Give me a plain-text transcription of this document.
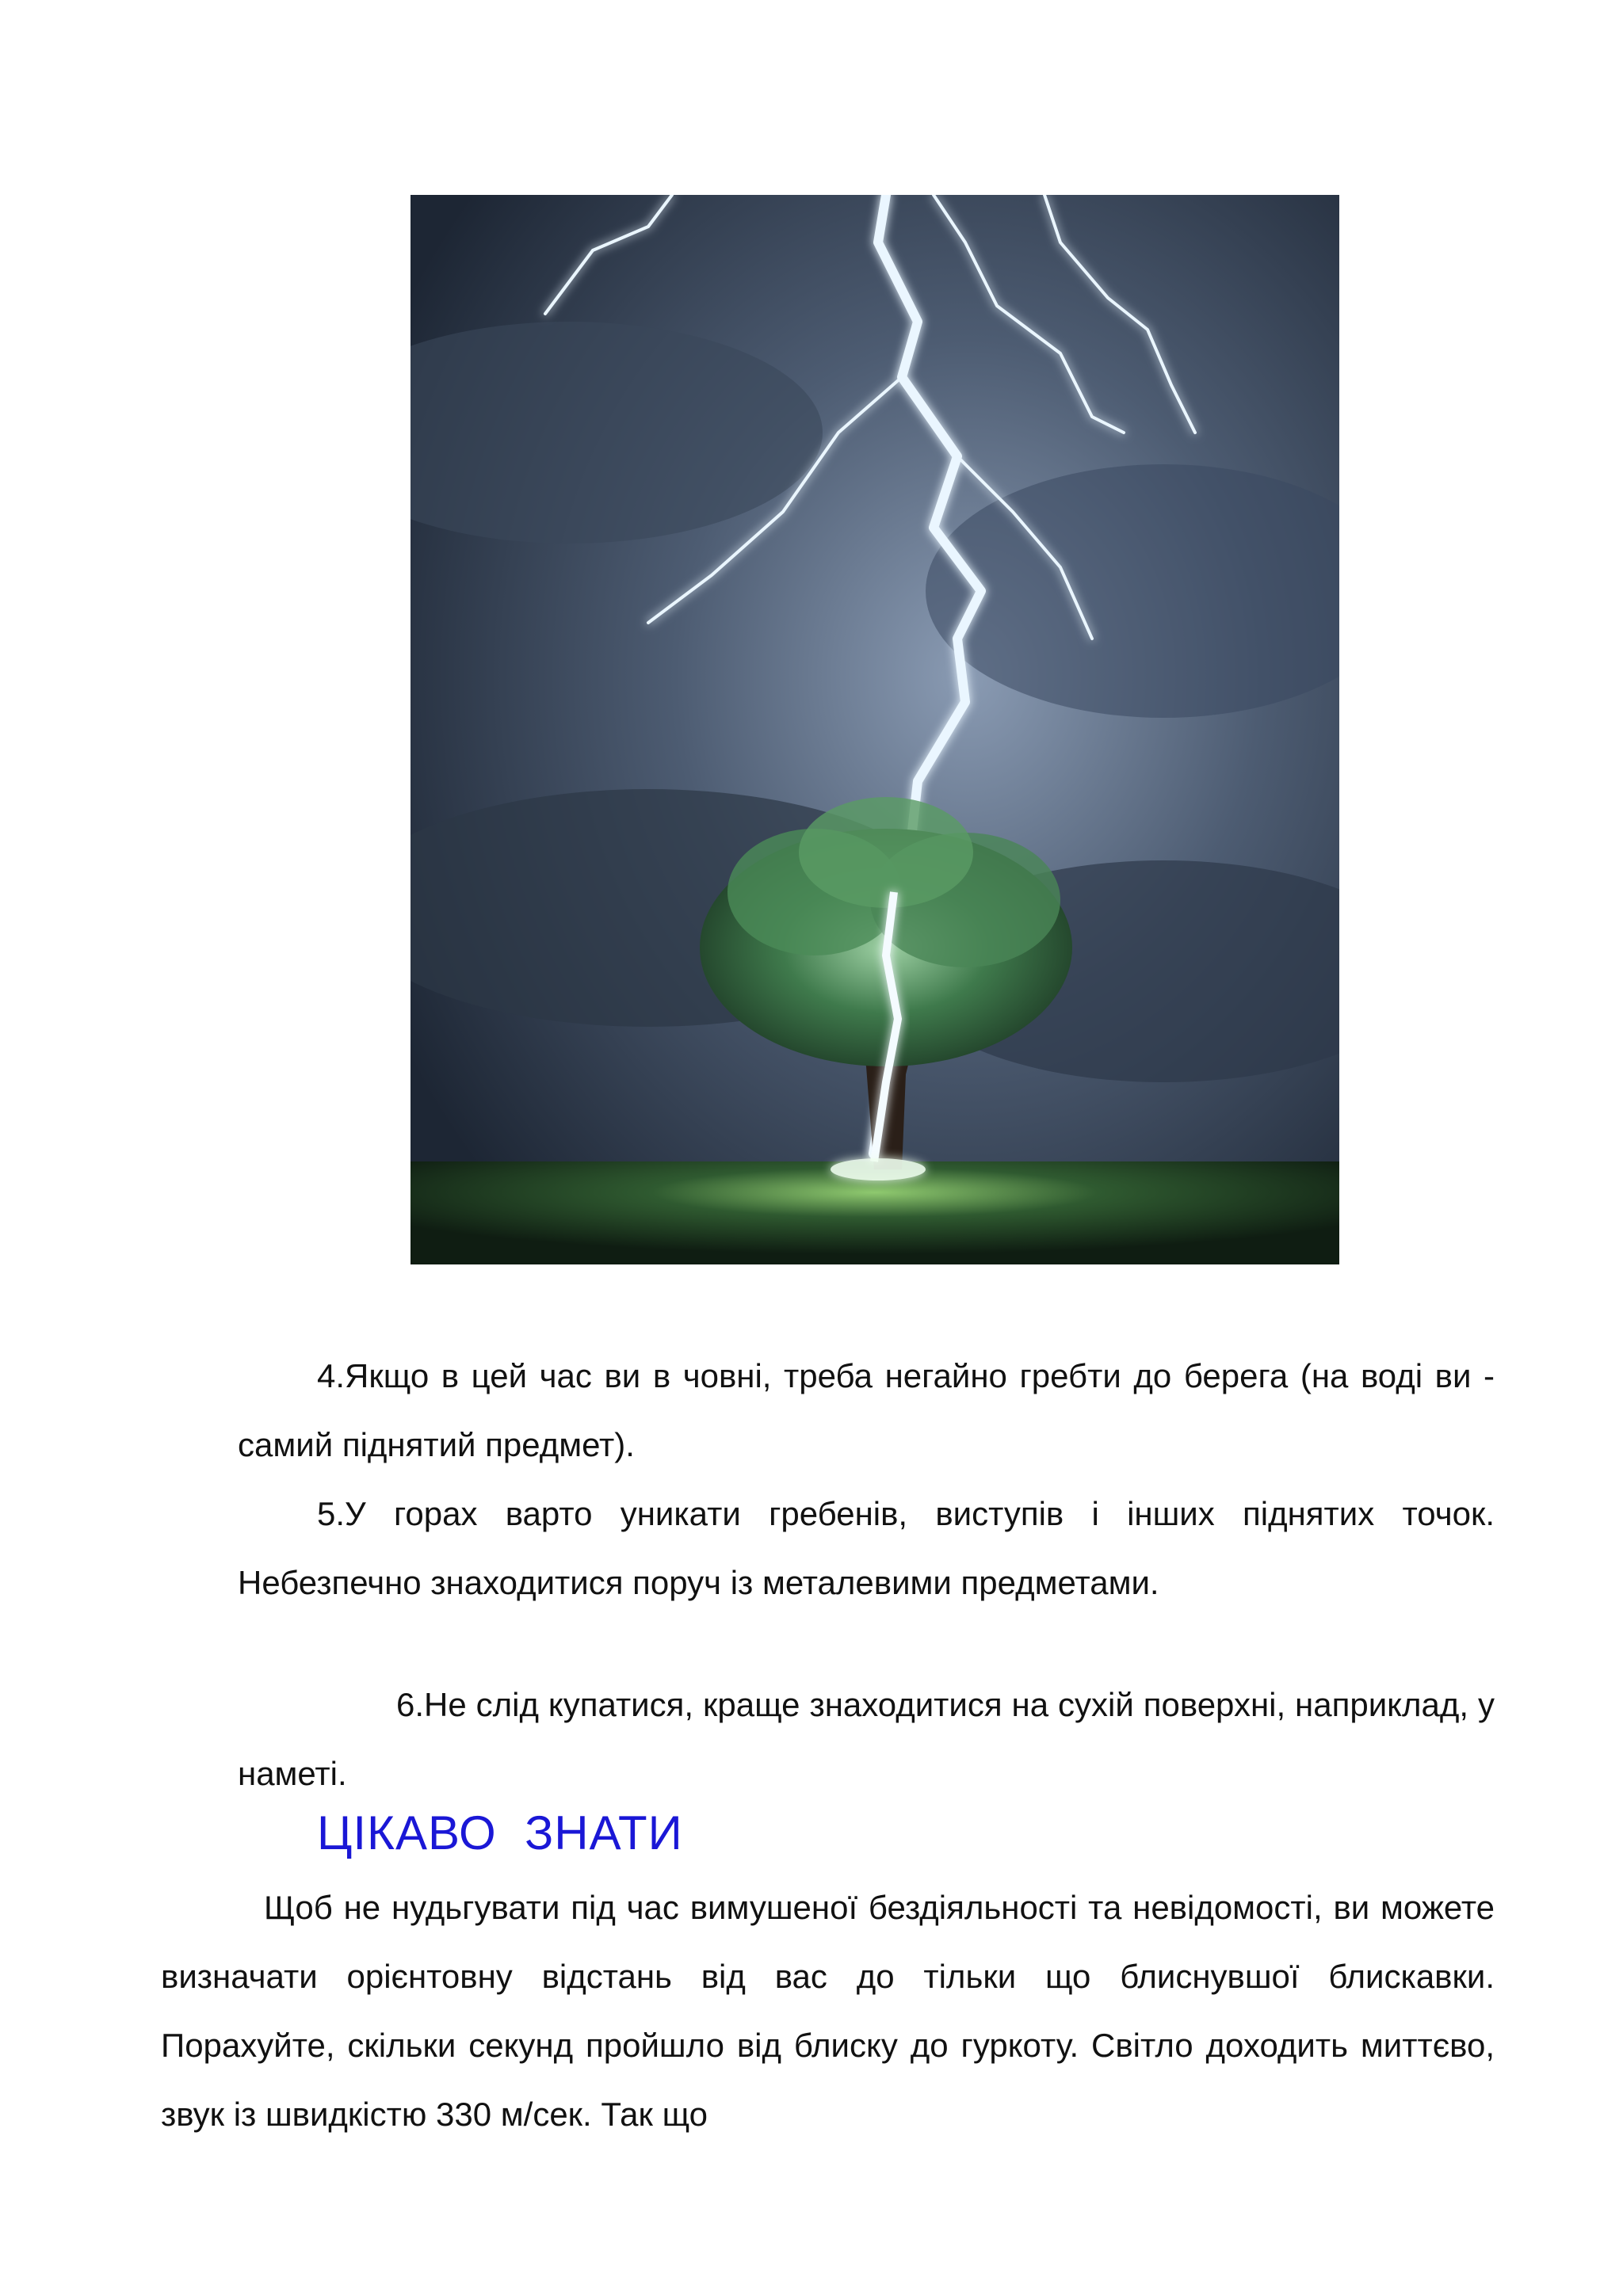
4.Якщо в цей час ви в човні, треба негайно гребти до берега (на воді ви - самий піднятий предмет).

5.У горах варто уникати гребенів, виступів і інших піднятих точок. Небезпечно знаходитися поруч із металевими предметами.

6.Не слід купатися, краще знаходитися на сухій поверхні, наприклад, у наметі.

ЦІКАВО  ЗНАТИ

Щоб не нудьгувати під час вимушеної бездіяльності та невідомості, ви можете визначати орієнтовну відстань від вас до тільки що блиснувшої блискавки. Порахуйте, скільки секунд пройшло від блиску до гуркоту. Світло доходить миттєво, звук із швидкістю 330 м/сек. Так що
